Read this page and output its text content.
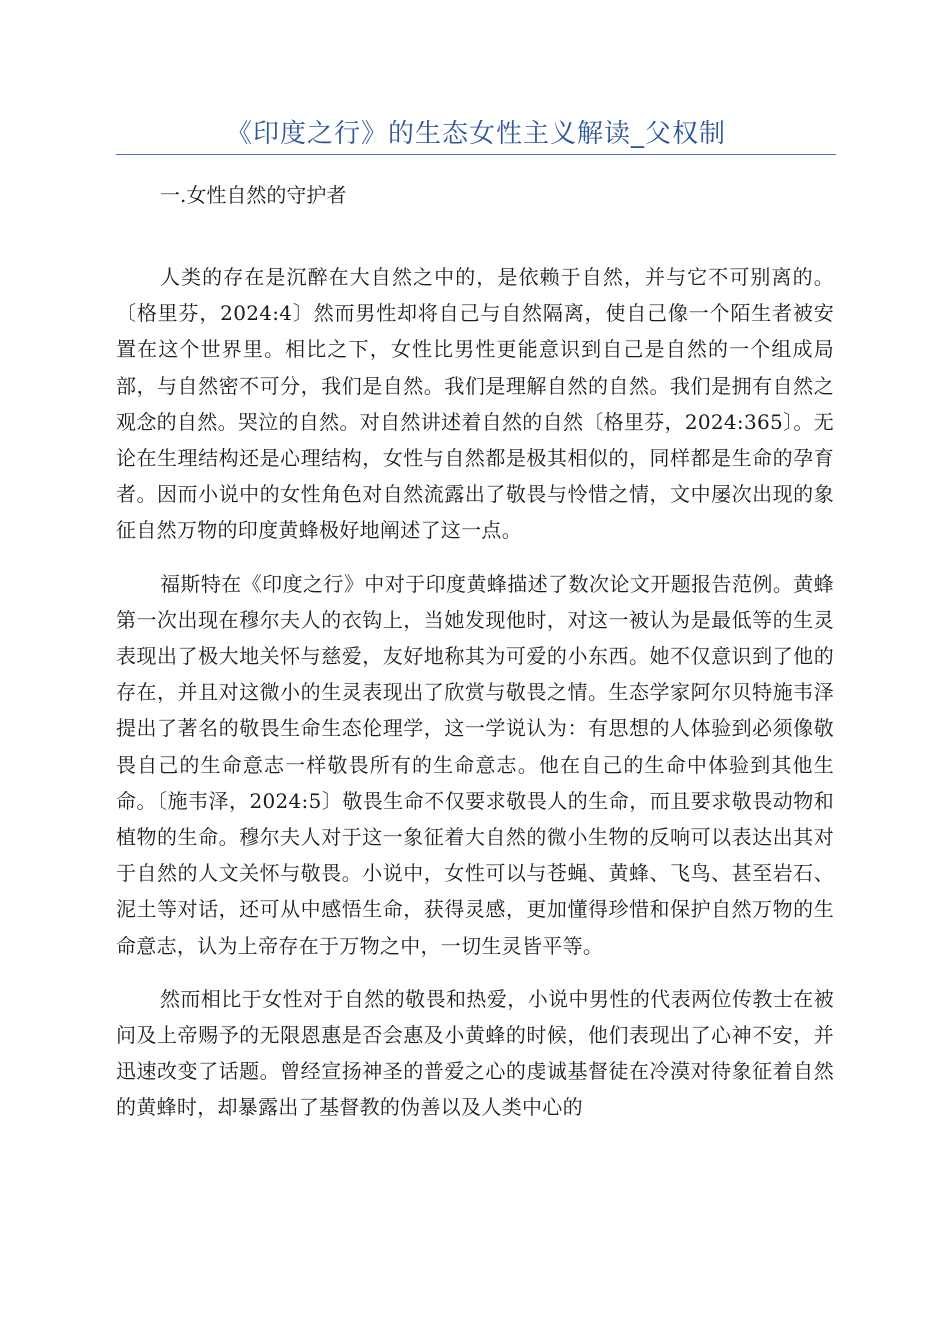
《印度之行》的生态女性主义解读_父权制

一.女性自然的守护者

人类的存在是沉醉在大自然之中的，是依赖于自然，并与它不可别离的。〔格里芬，2024:4〕然而男性却将自己与自然隔离，使自己像一个陌生者被安置在这个世界里。相比之下，女性比男性更能意识到自己是自然的一个组成局部，与自然密不可分，我们是自然。我们是理解自然的自然。我们是拥有自然之观念的自然。哭泣的自然。对自然讲述着自然的自然〔格里芬，2024:365〕。无论在生理结构还是心理结构，女性与自然都是极其相似的，同样都是生命的孕育者。因而小说中的女性角色对自然流露出了敬畏与怜惜之情，文中屡次出现的象征自然万物的印度黄蜂极好地阐述了这一点。

福斯特在《印度之行》中对于印度黄蜂描述了数次论文开题报告范例。黄蜂第一次出现在穆尔夫人的衣钩上，当她发现他时，对这一被认为是最低等的生灵表现出了极大地关怀与慈爱，友好地称其为可爱的小东西。她不仅意识到了他的存在，并且对这微小的生灵表现出了欣赏与敬畏之情。生态学家阿尔贝特施韦泽提出了著名的敬畏生命生态伦理学，这一学说认为：有思想的人体验到必须像敬畏自己的生命意志一样敬畏所有的生命意志。他在自己的生命中体验到其他生命。〔施韦泽，2024:5〕敬畏生命不仅要求敬畏人的生命，而且要求敬畏动物和植物的生命。穆尔夫人对于这一象征着大自然的微小生物的反响可以表达出其对于自然的人文关怀与敬畏。小说中，女性可以与苍蝇、黄蜂、飞鸟、甚至岩石、泥土等对话，还可从中感悟生命，获得灵感，更加懂得珍惜和保护自然万物的生命意志，认为上帝存在于万物之中，一切生灵皆平等。

然而相比于女性对于自然的敬畏和热爱，小说中男性的代表两位传教士在被问及上帝赐予的无限恩惠是否会惠及小黄蜂的时候，他们表现出了心神不安，并迅速改变了话题。曾经宣扬神圣的普爱之心的虔诚基督徒在冷漠对待象征着自然的黄蜂时，却暴露出了基督教的伪善以及人类中心的
